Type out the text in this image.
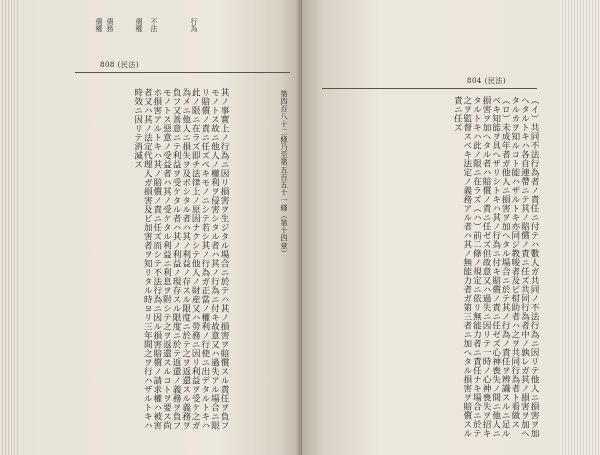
808 (民法)
債權 債務	債權 不法	行為
第四百八十二條乃至第五百五十一條（第十四章）
其ノ事實上ノ行為ニ因リ損害ヲ生ジタル場合ニ於テハ其ノ損害ヲ賠償スル責任ヲ負フモノトス故ニ他人ノ權利ヲ侵害シタル者ハ其ノ行為ニ付キ故意又ハ過失アル場合ニ限リ賠償ノ責ニ任ズベキモノニシテ若シ其ノ行為ガ正當ノ權利ノ行使ニ出デタルトキハ此ノ限ニ在ラズ即チ法律上ノ原因ナクシテ他人ノ財産又ハ勞務ニ因リ利益ヲ受ケ之ガ為メニ他人ニ損失ヲ及ボシタル者ハ其ノ利益ノ存スル限度ニ於テ之ヲ返還スル義務ヲ負フ又善意ニテ利益ヲ受ケタル者ハ其ノ利益ノ現存スル限度ニ於テ返還ノ義務ヲ負フモノトス惡意ノ受益者ハ其ノ受ケタル利益ニ利息ヲ附シテ之ヲ返還スルコトヲ要ス尚ホ損害アルトキハ其ノ賠償ノ責ニ任ズ而シテ不法行為ニ因ル損害賠償ノ請求權ハ被害者又ハ其ノ法定代理人ガ損害及ビ加害者ヲ知リタル時ヨリ三年間之ヲ行ハザルトキハ時效ニ因リテ消滅ス
804 (民法)
（イ）共同不法行為者ノ責任ニ付テハ數人ガ共同ノ不法行為ニ因リテ他人ニ損害ヲ加ヘタルトキハ各自連帶ニテ其ノ賠償ノ責ニ任ズ共同行為者中ノ孰レガ其ノ損害ヲ加ヘタルカヲ知ルコト能ハザルトキ亦同ジ教唆者及ビ幇助者ハ之ヲ共同行為者ト看做ス（ロ）未成年者ガ他人ニ損害ヲ加ヘタル場合ニ於テ其ノ行為ノ責任ヲ辨識スルニ足ルベキ知能ヲ具ヘザリシトキハ其ノ行為ニ付キ賠償ノ責ニ任ゼズ心神喪失ノ間ニ他人ニ損害ヲ加ヘタル者ハ賠償ノ責ニ任ゼズ但故意又ハ過失ニ因リテ一時ノ心神喪失ヲ招キタルトキハ此ノ限ニ在ラズ（ハ）前二條ノ規定ニ依リ無能力者ニ責任ナキ場合ニ於テ之ヲ監督スベキ法定ノ義務アル者ハ其ノ無能力者ガ第三者ニ加ヘタル損害ヲ賠償スル責ニ任ズ
